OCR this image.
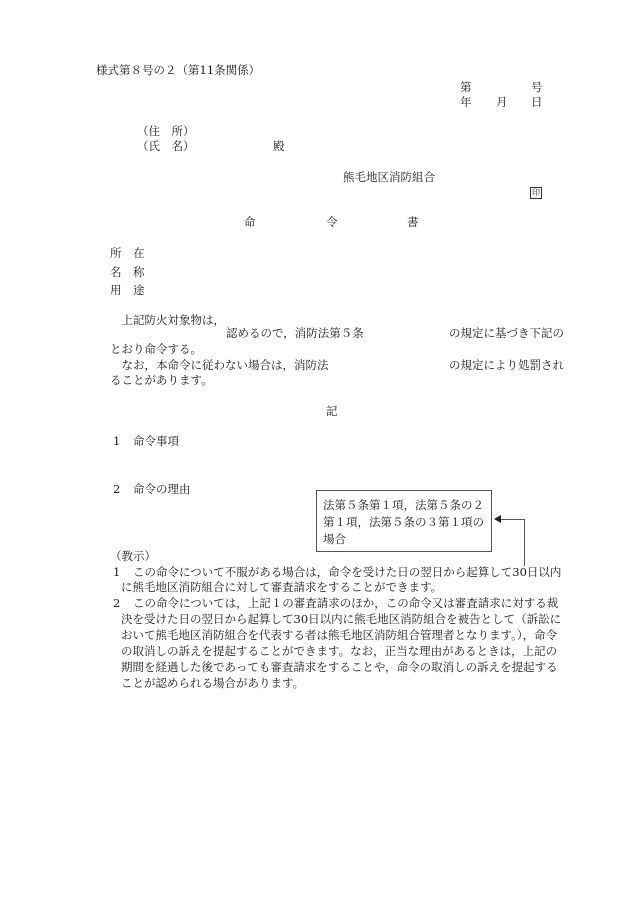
様式第８号の２（第11条関係）
第	号
年 月 日
（住　所）
（氏　名）	殿
熊毛地区消防組合
印
命	令	書
所　在
名　称
用　途
　上記防火対象物は，
認めるので，消防法第５条	の規定に基づき下記の
とおり命令する。
　なお，本命令に従わない場合は，消防法	の規定により処罰され
ることがあります。
記
1 命令事項
2 命令の理由
法第５条第１項，法第５条の２
第１項，法第５条の３第１項の
場合
（教示）
1 この命令について不服がある場合は，命令を受けた日の翌日から起算して30日以内
に熊毛地区消防組合に対して審査請求をすることができます。
2 この命令については，上記１の審査請求のほか，この命令又は審査請求に対する裁
決を受けた日の翌日から起算して30日以内に熊毛地区消防組合を被告として（訴訟に
おいて熊毛地区消防組合を代表する者は熊毛地区消防組合管理者となります。），命令
の取消しの訴えを提起することができます。なお，正当な理由があるときは，上記の
期間を経過した後であっても審査請求をすることや，命令の取消しの訴えを提起する
ことが認められる場合があります。
